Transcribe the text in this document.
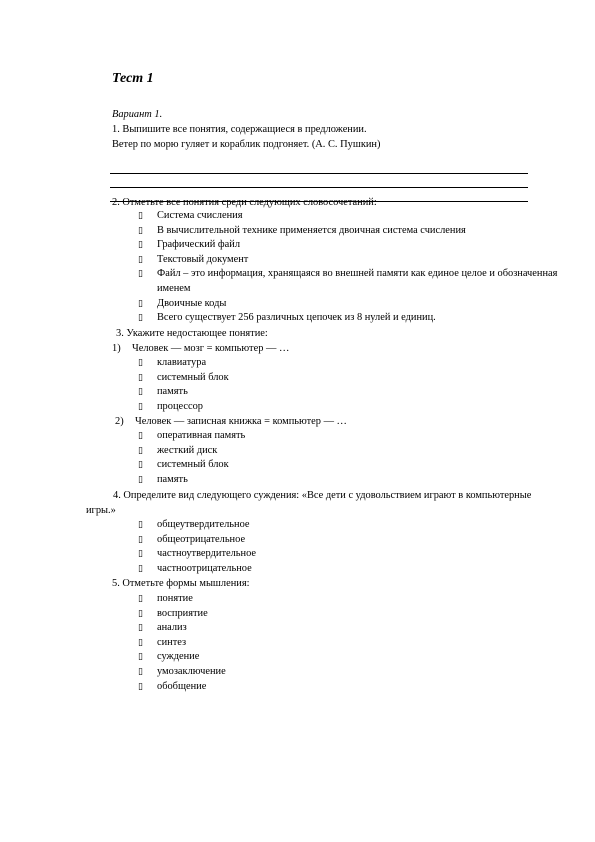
Тест 1
Вариант 1.
1. Выпишите все понятия, содержащиеся в предложении.
Ветер по морю гуляет и кораблик подгоняет. (А. С. Пушкин)
2. Отметьте все понятия среди следующих словосочетаний:
▯	Система счисления
▯	В вычислительной технике применяется двоичная система счисления
▯	Графический файл
▯	Текстовый документ
▯	Файл – это информация, хранящаяся во внешней памяти как единое целое и обозначенная именем
▯	Двоичные коды
▯	Всего существует 256 различных цепочек из 8 нулей и единиц.
3. Укажите недостающее понятие:
1)	Человек — мозг = компьютер — …
▯	клавиатура
▯	системный блок
▯	память
▯	процессор
2)	Человек — записная книжка = компьютер — …
▯	оперативная память
▯	жесткий диск
▯	системный блок
▯	память
4. Определите вид следующего суждения: «Все дети с удовольствием играют в компьютерные игры.»
▯	общеутвердительное
▯	общеотрицательное
▯	частноутвердительное
▯	частноотрицательное
5. Отметьте формы мышления:
▯	понятие
▯	восприятие
▯	анализ
▯	синтез
▯	суждение
▯	умозаключение
▯	обобщение
